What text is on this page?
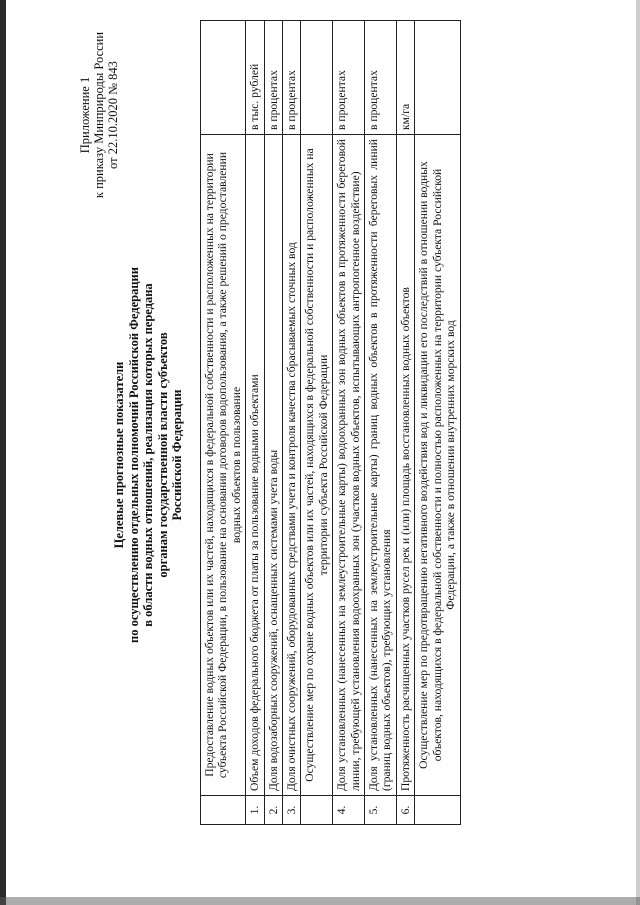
Приложение 1 к приказу Минприроды России от 22.10.2020 № 843
Целевые прогнозные показатели по осуществлению отдельных полномочий Российской Федерации в области водных отношений, реализация которых передана органам государственной власти субъектов Российской Федерации
	Предоставление водных объектов или их частей, находящихся в федеральной собственности и расположенных на территории субъекта Российской Федерации, в пользование на основании договоров водопользования, а также решений о предоставлении водных объектов в пользование	
1.	Объем доходов федерального бюджета от платы за пользование водными объектами	в тыс. рублей
2.	Доля водозаборных сооружений, оснащенных системами учета воды	в процентах
3.	Доля очистных сооружений, оборудованных средствами учета и контроля качества сбрасываемых сточных вод	в процентах
	Осуществление мер по охране водных объектов или их частей, находящихся в федеральной собственности и расположенных на территории субъекта Российской Федерации	
4.	Доля установленных (нанесенных на землеустроительные карты) водоохранных зон водных объектов в протяженности береговой линии, требующей установления водоохранных зон (участков водных объектов, испытывающих антропогенное воздействие)	в процентах
5.	Доля установленных (нанесенных на землеустроительные карты) границ водных объектов в протяженности береговых линий (границ водных объектов), требующих установления	в процентах
6.	Протяженность расчищенных участков русел рек и (или) площадь восстановленных водных объектов	км/га
	Осуществление мер по предотвращению негативного воздействия вод и ликвидации его последствий в отношении водных объектов, находящихся в федеральной собственности и полностью расположенных на территории субъекта Российской Федерации, а также в отношении внутренних морских вод	
